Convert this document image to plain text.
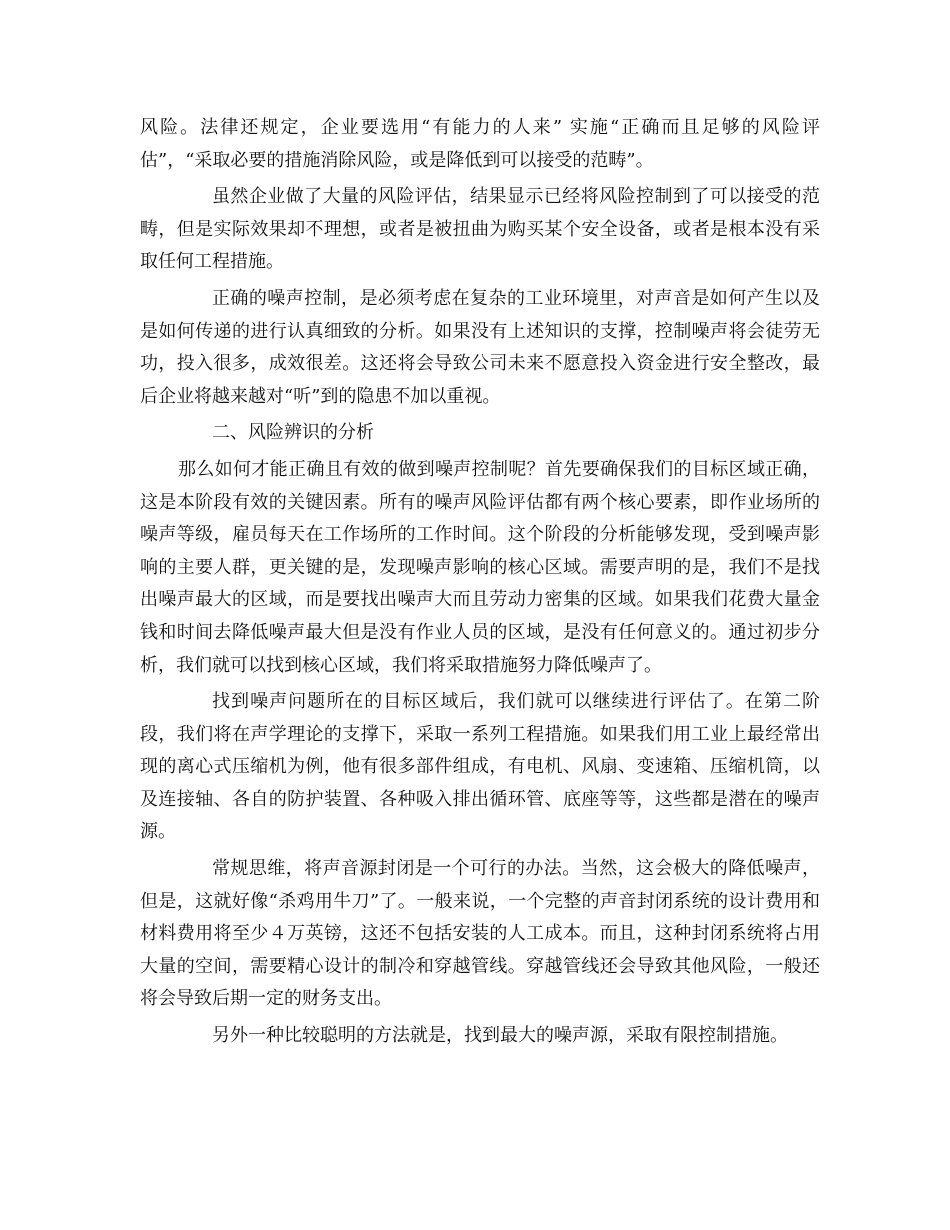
风险。法律还规定，企业要选用“有能力的人来” 实施“正确而且足够的风险评估”，“采取必要的措施消除风险，或是降低到可以接受的范畴”。

虽然企业做了大量的风险评估，结果显示已经将风险控制到了可以接受的范畴，但是实际效果却不理想，或者是被扭曲为购买某个安全设备，或者是根本没有采取任何工程措施。

正确的噪声控制，是必须考虑在复杂的工业环境里，对声音是如何产生以及是如何传递的进行认真细致的分析。如果没有上述知识的支撑，控制噪声将会徒劳无功，投入很多，成效很差。这还将会导致公司未来不愿意投入资金进行安全整改，最后企业将越来越对“听”到的隐患不加以重视。

二、风险辨识的分析

那么如何才能正确且有效的做到噪声控制呢？首先要确保我们的目标区域正确，这是本阶段有效的关键因素。所有的噪声风险评估都有两个核心要素，即作业场所的噪声等级，雇员每天在工作场所的工作时间。这个阶段的分析能够发现，受到噪声影响的主要人群，更关键的是，发现噪声影响的核心区域。需要声明的是，我们不是找出噪声最大的区域，而是要找出噪声大而且劳动力密集的区域。如果我们花费大量金钱和时间去降低噪声最大但是没有作业人员的区域，是没有任何意义的。通过初步分析，我们就可以找到核心区域，我们将采取措施努力降低噪声了。

找到噪声问题所在的目标区域后，我们就可以继续进行评估了。在第二阶段，我们将在声学理论的支撑下，采取一系列工程措施。如果我们用工业上最经常出现的离心式压缩机为例，他有很多部件组成，有电机、风扇、变速箱、压缩机筒，以及连接轴、各自的防护装置、各种吸入排出循环管、底座等等，这些都是潜在的噪声源。

常规思维，将声音源封闭是一个可行的办法。当然，这会极大的降低噪声，但是，这就好像“杀鸡用牛刀”了。一般来说，一个完整的声音封闭系统的设计费用和材料费用将至少４万英镑，这还不包括安装的人工成本。而且，这种封闭系统将占用大量的空间，需要精心设计的制冷和穿越管线。穿越管线还会导致其他风险，一般还将会导致后期一定的财务支出。

另外一种比较聪明的方法就是，找到最大的噪声源，采取有限控制措施。
